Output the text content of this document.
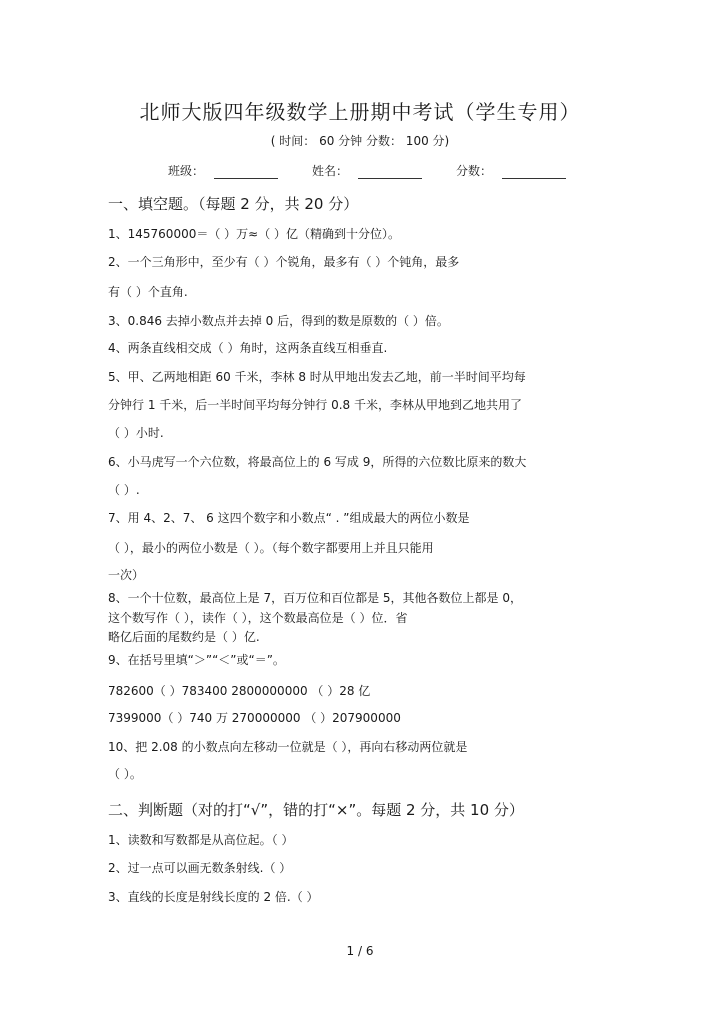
北师大版四年级数学上册期中考试（学生专用）
( 时间： 60 分钟 分数： 100 分)
班级：	姓名：	分数：
一、填空题。（每题 2 分，共 20 分）
1、145760000＝（ ）万≈（ ）亿（精确到十分位）。
2、一个三角形中，至少有（ ）个锐角，最多有（ ）个钝角，最多
有（ ）个直角.
3、0.846 去掉小数点并去掉 0 后，得到的数是原数的（ ）倍。
4、两条直线相交成（ ）角时，这两条直线互相垂直.
5、甲、乙两地相距 60 千米，李林 8 时从甲地出发去乙地，前一半时间平均每
分钟行 1 千米，后一半时间平均每分钟行 0.8 千米，李林从甲地到乙地共用了
（ ）小时.
6、小马虎写一个六位数，将最高位上的 6 写成 9，所得的六位数比原来的数大
（ ）.
7、用 4、2、7、 6 这四个数字和小数点“ . ”组成最大的两位小数是
（ ），最小的两位小数是（ ）。（每个数字都要用上并且只能用
一次）
8、一个十位数，最高位上是 7，百万位和百位都是 5，其他各数位上都是 0，
这个数写作（ ），读作（ ），这个数最高位是（ ）位．省
略亿后面的尾数约是（ ）亿.
9、在括号里填“＞”“＜”或“＝”。
782600（ ）783400 2800000000 （ ）28 亿
7399000（ ）740 万 270000000 （ ）207900000
10、把 2.08 的小数点向左移动一位就是（ ），再向右移动两位就是
（ ）。
二、判断题（对的打“√”，错的打“×”。每题 2 分，共 10 分）
1、读数和写数都是从高位起。（ ）
2、过一点可以画无数条射线.（ ）
3、直线的长度是射线长度的 2 倍.（ ）
1 / 6
